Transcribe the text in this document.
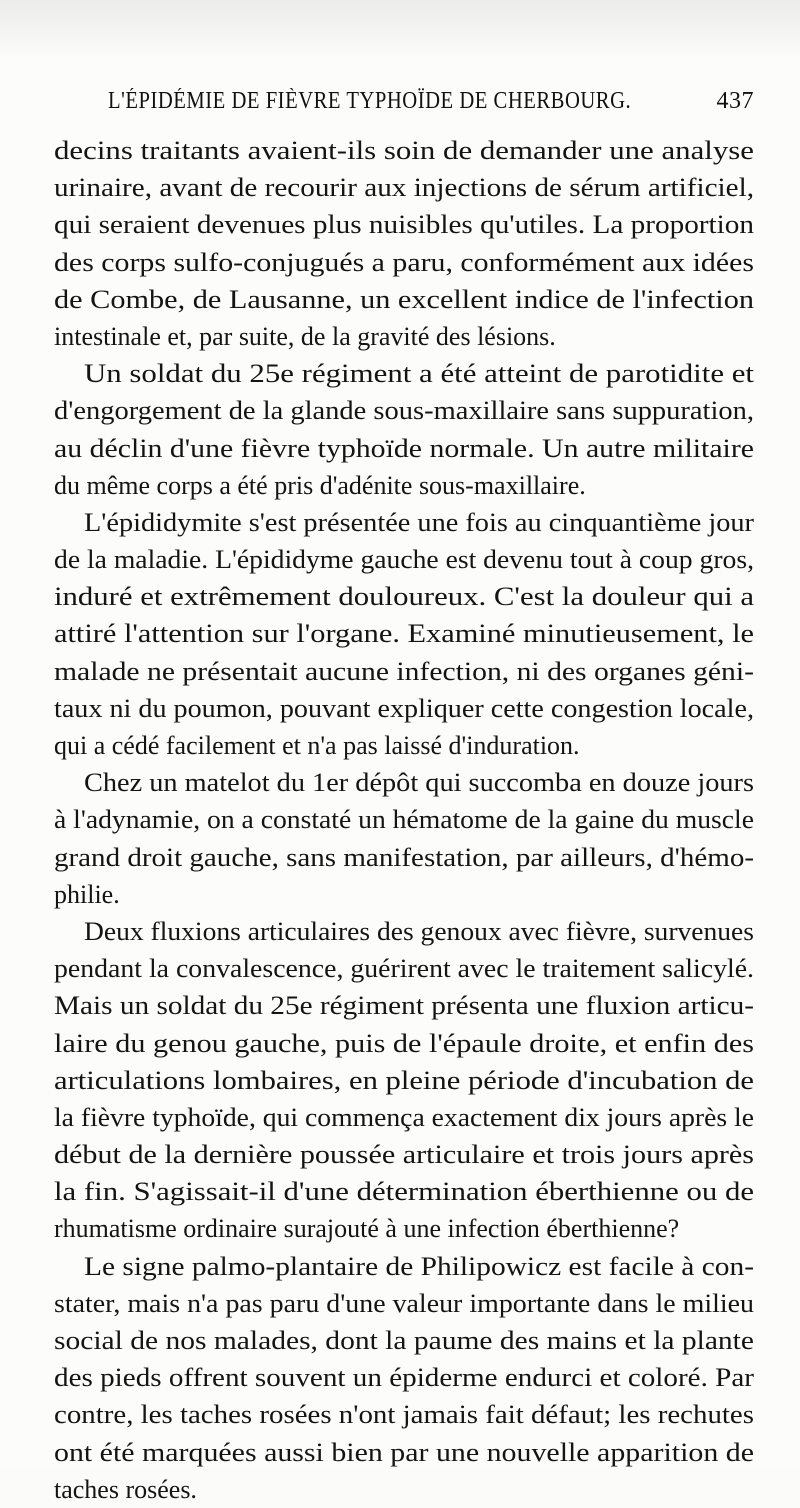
L'ÉPIDÉMIE DE FIÈVRE TYPHOÏDE DE CHERBOURG.	437
decins traitants avaient-ils soin de demander une analyse
urinaire, avant de recourir aux injections de sérum artificiel,
qui seraient devenues plus nuisibles qu'utiles. La proportion
des corps sulfo-conjugués a paru, conformément aux idées
de Combe, de Lausanne, un excellent indice de l'infection
intestinale et, par suite, de la gravité des lésions.
Un soldat du 25e régiment a été atteint de parotidite et
d'engorgement de la glande sous-maxillaire sans suppuration,
au déclin d'une fièvre typhoïde normale. Un autre militaire
du même corps a été pris d'adénite sous-maxillaire.
L'épididymite s'est présentée une fois au cinquantième jour
de la maladie. L'épididyme gauche est devenu tout à coup gros,
induré et extrêmement douloureux. C'est la douleur qui a
attiré l'attention sur l'organe. Examiné minutieusement, le
malade ne présentait aucune infection, ni des organes géni-
taux ni du poumon, pouvant expliquer cette congestion locale,
qui a cédé facilement et n'a pas laissé d'induration.
Chez un matelot du 1er dépôt qui succomba en douze jours
à l'adynamie, on a constaté un hématome de la gaine du muscle
grand droit gauche, sans manifestation, par ailleurs, d'hémo-
philie.
Deux fluxions articulaires des genoux avec fièvre, survenues
pendant la convalescence, guérirent avec le traitement salicylé.
Mais un soldat du 25e régiment présenta une fluxion articu-
laire du genou gauche, puis de l'épaule droite, et enfin des
articulations lombaires, en pleine période d'incubation de
la fièvre typhoïde, qui commença exactement dix jours après le
début de la dernière poussée articulaire et trois jours après
la fin. S'agissait-il d'une détermination éberthienne ou de
rhumatisme ordinaire surajouté à une infection éberthienne?
Le signe palmo-plantaire de Philipowicz est facile à con-
stater, mais n'a pas paru d'une valeur importante dans le milieu
social de nos malades, dont la paume des mains et la plante
des pieds offrent souvent un épiderme endurci et coloré. Par
contre, les taches rosées n'ont jamais fait défaut; les rechutes
ont été marquées aussi bien par une nouvelle apparition de
taches rosées.
